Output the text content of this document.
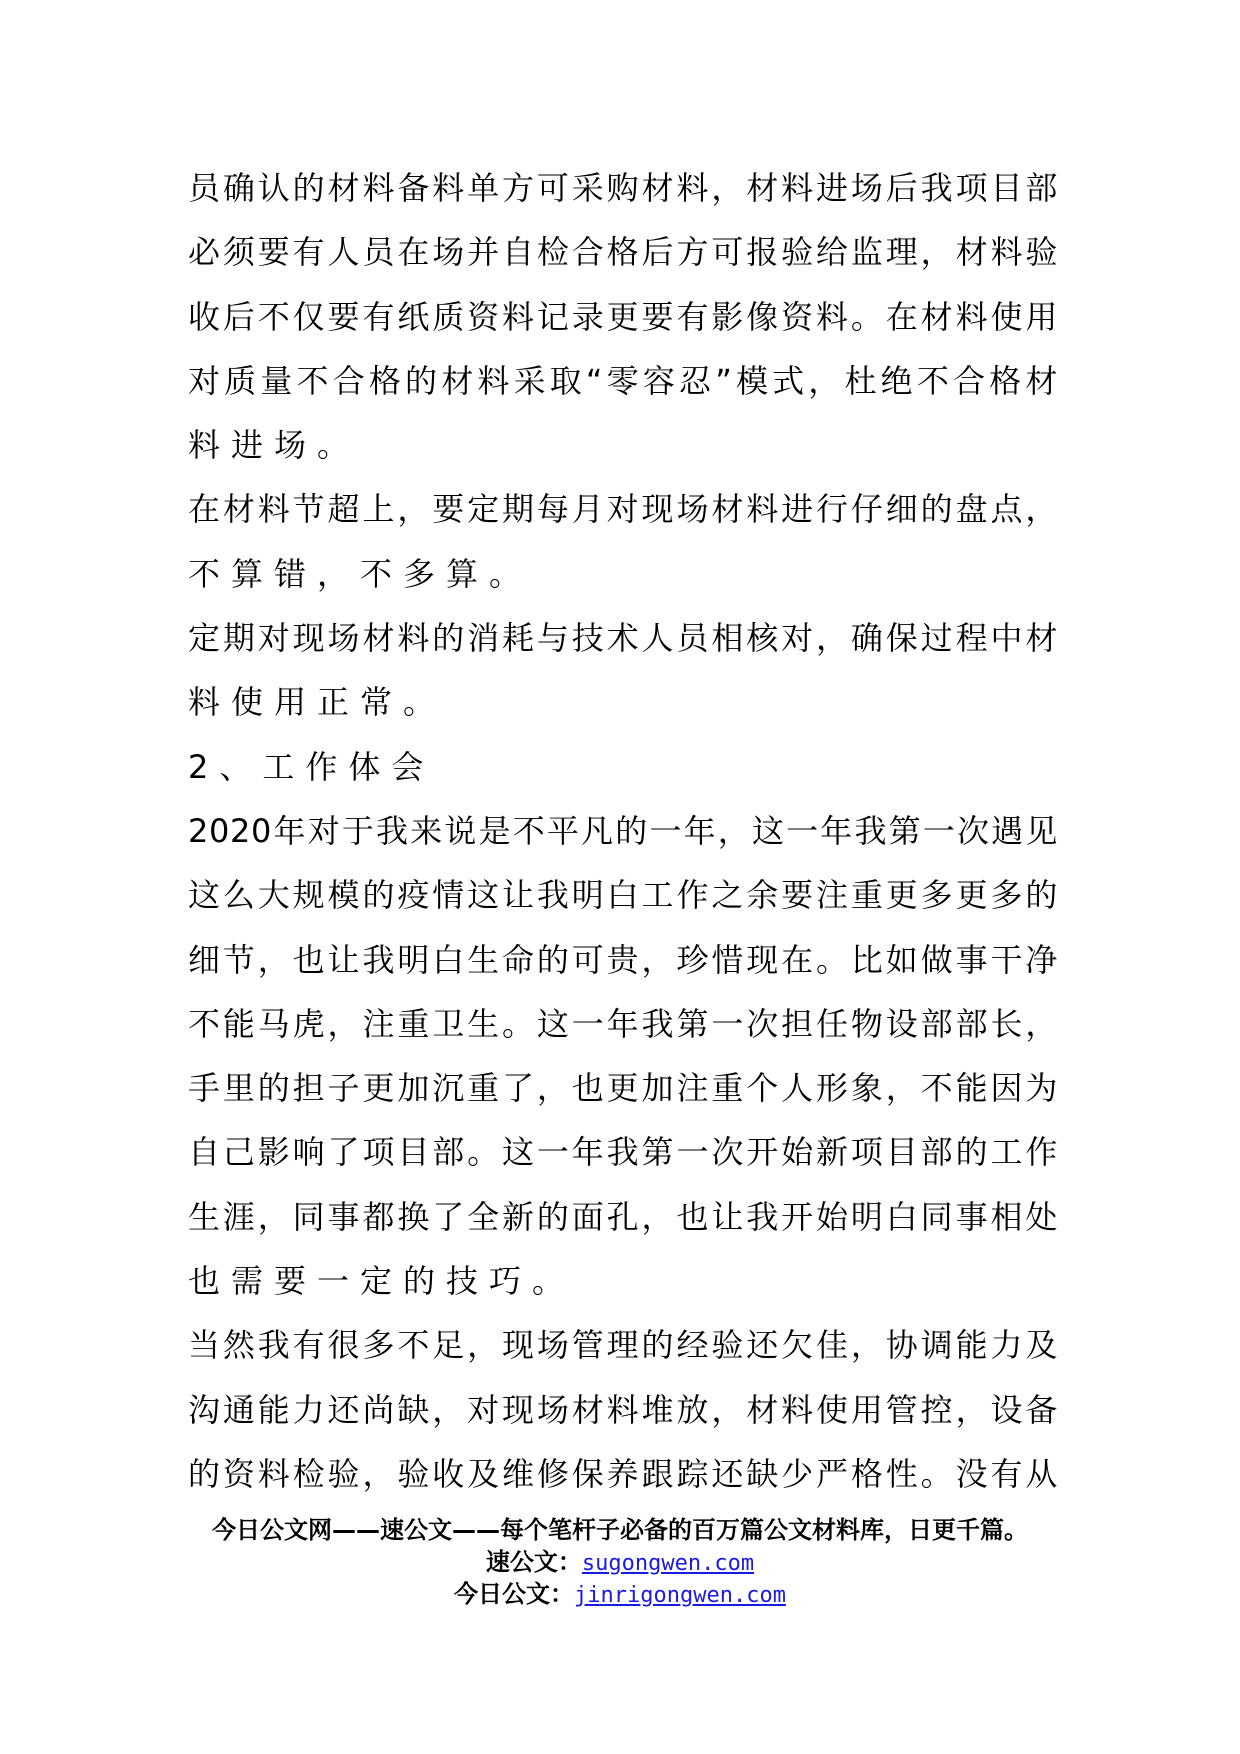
员确认的材料备料单方可采购材料，材料进场后我项目部
必须要有人员在场并自检合格后方可报验给监理，材料验
收后不仅要有纸质资料记录更要有影像资料。在材料使用
对质量不合格的材料采取“零容忍”模式，杜绝不合格材
料进场。
在材料节超上，要定期每月对现场材料进行仔细的盘点，
不算错，不多算。
定期对现场材料的消耗与技术人员相核对，确保过程中材
料使用正常。
2、工作体会
2020年对于我来说是不平凡的一年，这一年我第一次遇见
这么大规模的疫情这让我明白工作之余要注重更多更多的
细节，也让我明白生命的可贵，珍惜现在。比如做事干净
不能马虎，注重卫生。这一年我第一次担任物设部部长，
手里的担子更加沉重了，也更加注重个人形象，不能因为
自己影响了项目部。这一年我第一次开始新项目部的工作
生涯，同事都换了全新的面孔，也让我开始明白同事相处
也需要一定的技巧。
当然我有很多不足，现场管理的经验还欠佳，协调能力及
沟通能力还尚缺，对现场材料堆放，材料使用管控，设备
的资料检验，验收及维修保养跟踪还缺少严格性。没有从
今日公文网——速公文——每个笔杆子必备的百万篇公文材料库，日更千篇。
速公文：sugongwen.com
今日公文：jinrigongwen.com
